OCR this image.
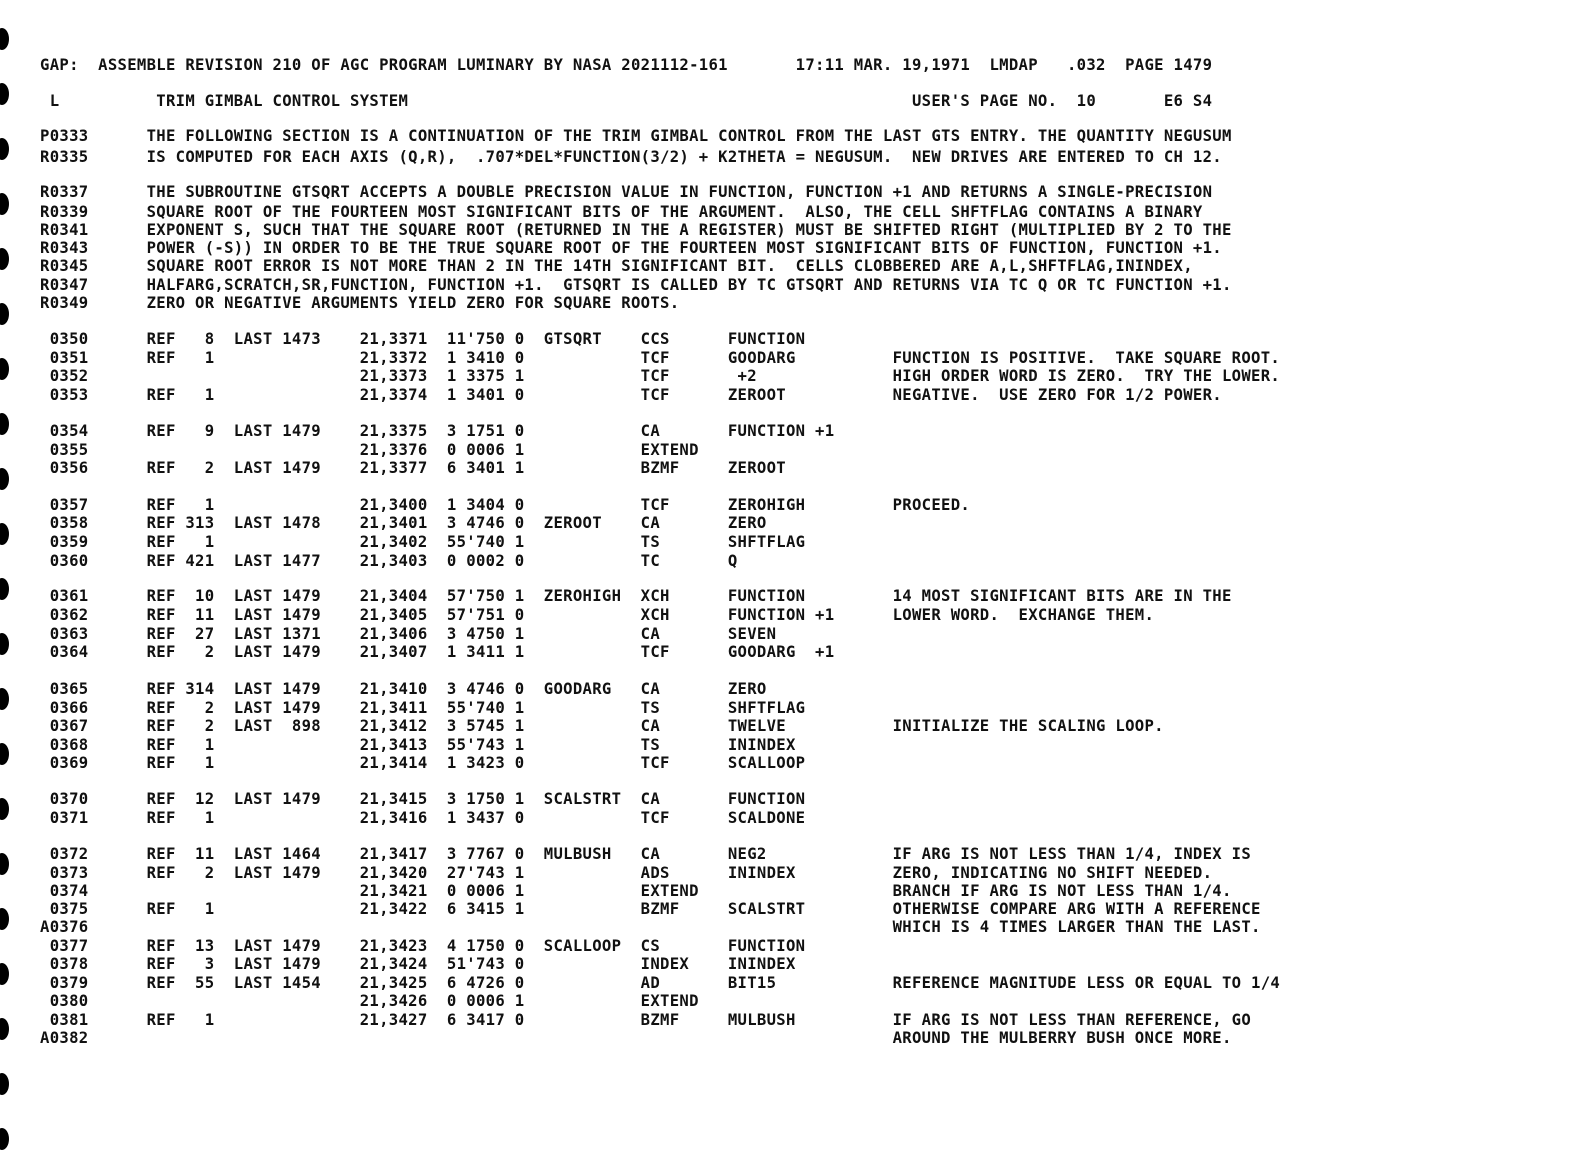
GAP:  ASSEMBLE REVISION 210 OF AGC PROGRAM LUMINARY BY NASA 2021112-161       17:11 MAR. 19,1971  LMDAP   .032  PAGE 1479
L          TRIM GIMBAL CONTROL SYSTEM                                                    USER'S PAGE NO.  10       E6 S4
P0333      THE FOLLOWING SECTION IS A CONTINUATION OF THE TRIM GIMBAL CONTROL FROM THE LAST GTS ENTRY. THE QUANTITY NEGUSUM
R0335      IS COMPUTED FOR EACH AXIS (Q,R),  .707*DEL*FUNCTION(3/2) + K2THETA = NEGUSUM.  NEW DRIVES ARE ENTERED TO CH 12.
R0337      THE SUBROUTINE GTSQRT ACCEPTS A DOUBLE PRECISION VALUE IN FUNCTION, FUNCTION +1 AND RETURNS A SINGLE-PRECISION
R0339      SQUARE ROOT OF THE FOURTEEN MOST SIGNIFICANT BITS OF THE ARGUMENT.  ALSO, THE CELL SHFTFLAG CONTAINS A BINARY
R0341      EXPONENT S, SUCH THAT THE SQUARE ROOT (RETURNED IN THE A REGISTER) MUST BE SHIFTED RIGHT (MULTIPLIED BY 2 TO THE
R0343      POWER (-S)) IN ORDER TO BE THE TRUE SQUARE ROOT OF THE FOURTEEN MOST SIGNIFICANT BITS OF FUNCTION, FUNCTION +1.
R0345      SQUARE ROOT ERROR IS NOT MORE THAN 2 IN THE 14TH SIGNIFICANT BIT.  CELLS CLOBBERED ARE A,L,SHFTFLAG,ININDEX,
R0347      HALFARG,SCRATCH,SR,FUNCTION, FUNCTION +1.  GTSQRT IS CALLED BY TC GTSQRT AND RETURNS VIA TC Q OR TC FUNCTION +1.
R0349      ZERO OR NEGATIVE ARGUMENTS YIELD ZERO FOR SQUARE ROOTS.
0350      REF   8  LAST 1473    21,3371  11'750 0  GTSQRT    CCS      FUNCTION
0351      REF   1               21,3372  1 3410 0            TCF      GOODARG          FUNCTION IS POSITIVE.  TAKE SQUARE ROOT.
0352                            21,3373  1 3375 1            TCF       +2              HIGH ORDER WORD IS ZERO.  TRY THE LOWER.
0353      REF   1               21,3374  1 3401 0            TCF      ZEROOT           NEGATIVE.  USE ZERO FOR 1/2 POWER.
0354      REF   9  LAST 1479    21,3375  3 1751 0            CA       FUNCTION +1
0355                            21,3376  0 0006 1            EXTEND
0356      REF   2  LAST 1479    21,3377  6 3401 1            BZMF     ZEROOT
0357      REF   1               21,3400  1 3404 0            TCF      ZEROHIGH         PROCEED.
0358      REF 313  LAST 1478    21,3401  3 4746 0  ZEROOT    CA       ZERO
0359      REF   1               21,3402  55'740 1            TS       SHFTFLAG
0360      REF 421  LAST 1477    21,3403  0 0002 0            TC       Q
0361      REF  10  LAST 1479    21,3404  57'750 1  ZEROHIGH  XCH      FUNCTION         14 MOST SIGNIFICANT BITS ARE IN THE
0362      REF  11  LAST 1479    21,3405  57'751 0            XCH      FUNCTION +1      LOWER WORD.  EXCHANGE THEM.
0363      REF  27  LAST 1371    21,3406  3 4750 1            CA       SEVEN
0364      REF   2  LAST 1479    21,3407  1 3411 1            TCF      GOODARG  +1
0365      REF 314  LAST 1479    21,3410  3 4746 0  GOODARG   CA       ZERO
0366      REF   2  LAST 1479    21,3411  55'740 1            TS       SHFTFLAG
0367      REF   2  LAST  898    21,3412  3 5745 1            CA       TWELVE           INITIALIZE THE SCALING LOOP.
0368      REF   1               21,3413  55'743 1            TS       ININDEX
0369      REF   1               21,3414  1 3423 0            TCF      SCALLOOP
0370      REF  12  LAST 1479    21,3415  3 1750 1  SCALSTRT  CA       FUNCTION
0371      REF   1               21,3416  1 3437 0            TCF      SCALDONE
0372      REF  11  LAST 1464    21,3417  3 7767 0  MULBUSH   CA       NEG2             IF ARG IS NOT LESS THAN 1/4, INDEX IS
0373      REF   2  LAST 1479    21,3420  27'743 1            ADS      ININDEX          ZERO, INDICATING NO SHIFT NEEDED.
0374                            21,3421  0 0006 1            EXTEND                    BRANCH IF ARG IS NOT LESS THAN 1/4.
0375      REF   1               21,3422  6 3415 1            BZMF     SCALSTRT         OTHERWISE COMPARE ARG WITH A REFERENCE
A0376                                                                                   WHICH IS 4 TIMES LARGER THAN THE LAST.
0377      REF  13  LAST 1479    21,3423  4 1750 0  SCALLOOP  CS       FUNCTION
0378      REF   3  LAST 1479    21,3424  51'743 0            INDEX    ININDEX
0379      REF  55  LAST 1454    21,3425  6 4726 0            AD       BIT15            REFERENCE MAGNITUDE LESS OR EQUAL TO 1/4
0380                            21,3426  0 0006 1            EXTEND
0381      REF   1               21,3427  6 3417 0            BZMF     MULBUSH          IF ARG IS NOT LESS THAN REFERENCE, GO
A0382                                                                                   AROUND THE MULBERRY BUSH ONCE MORE.
